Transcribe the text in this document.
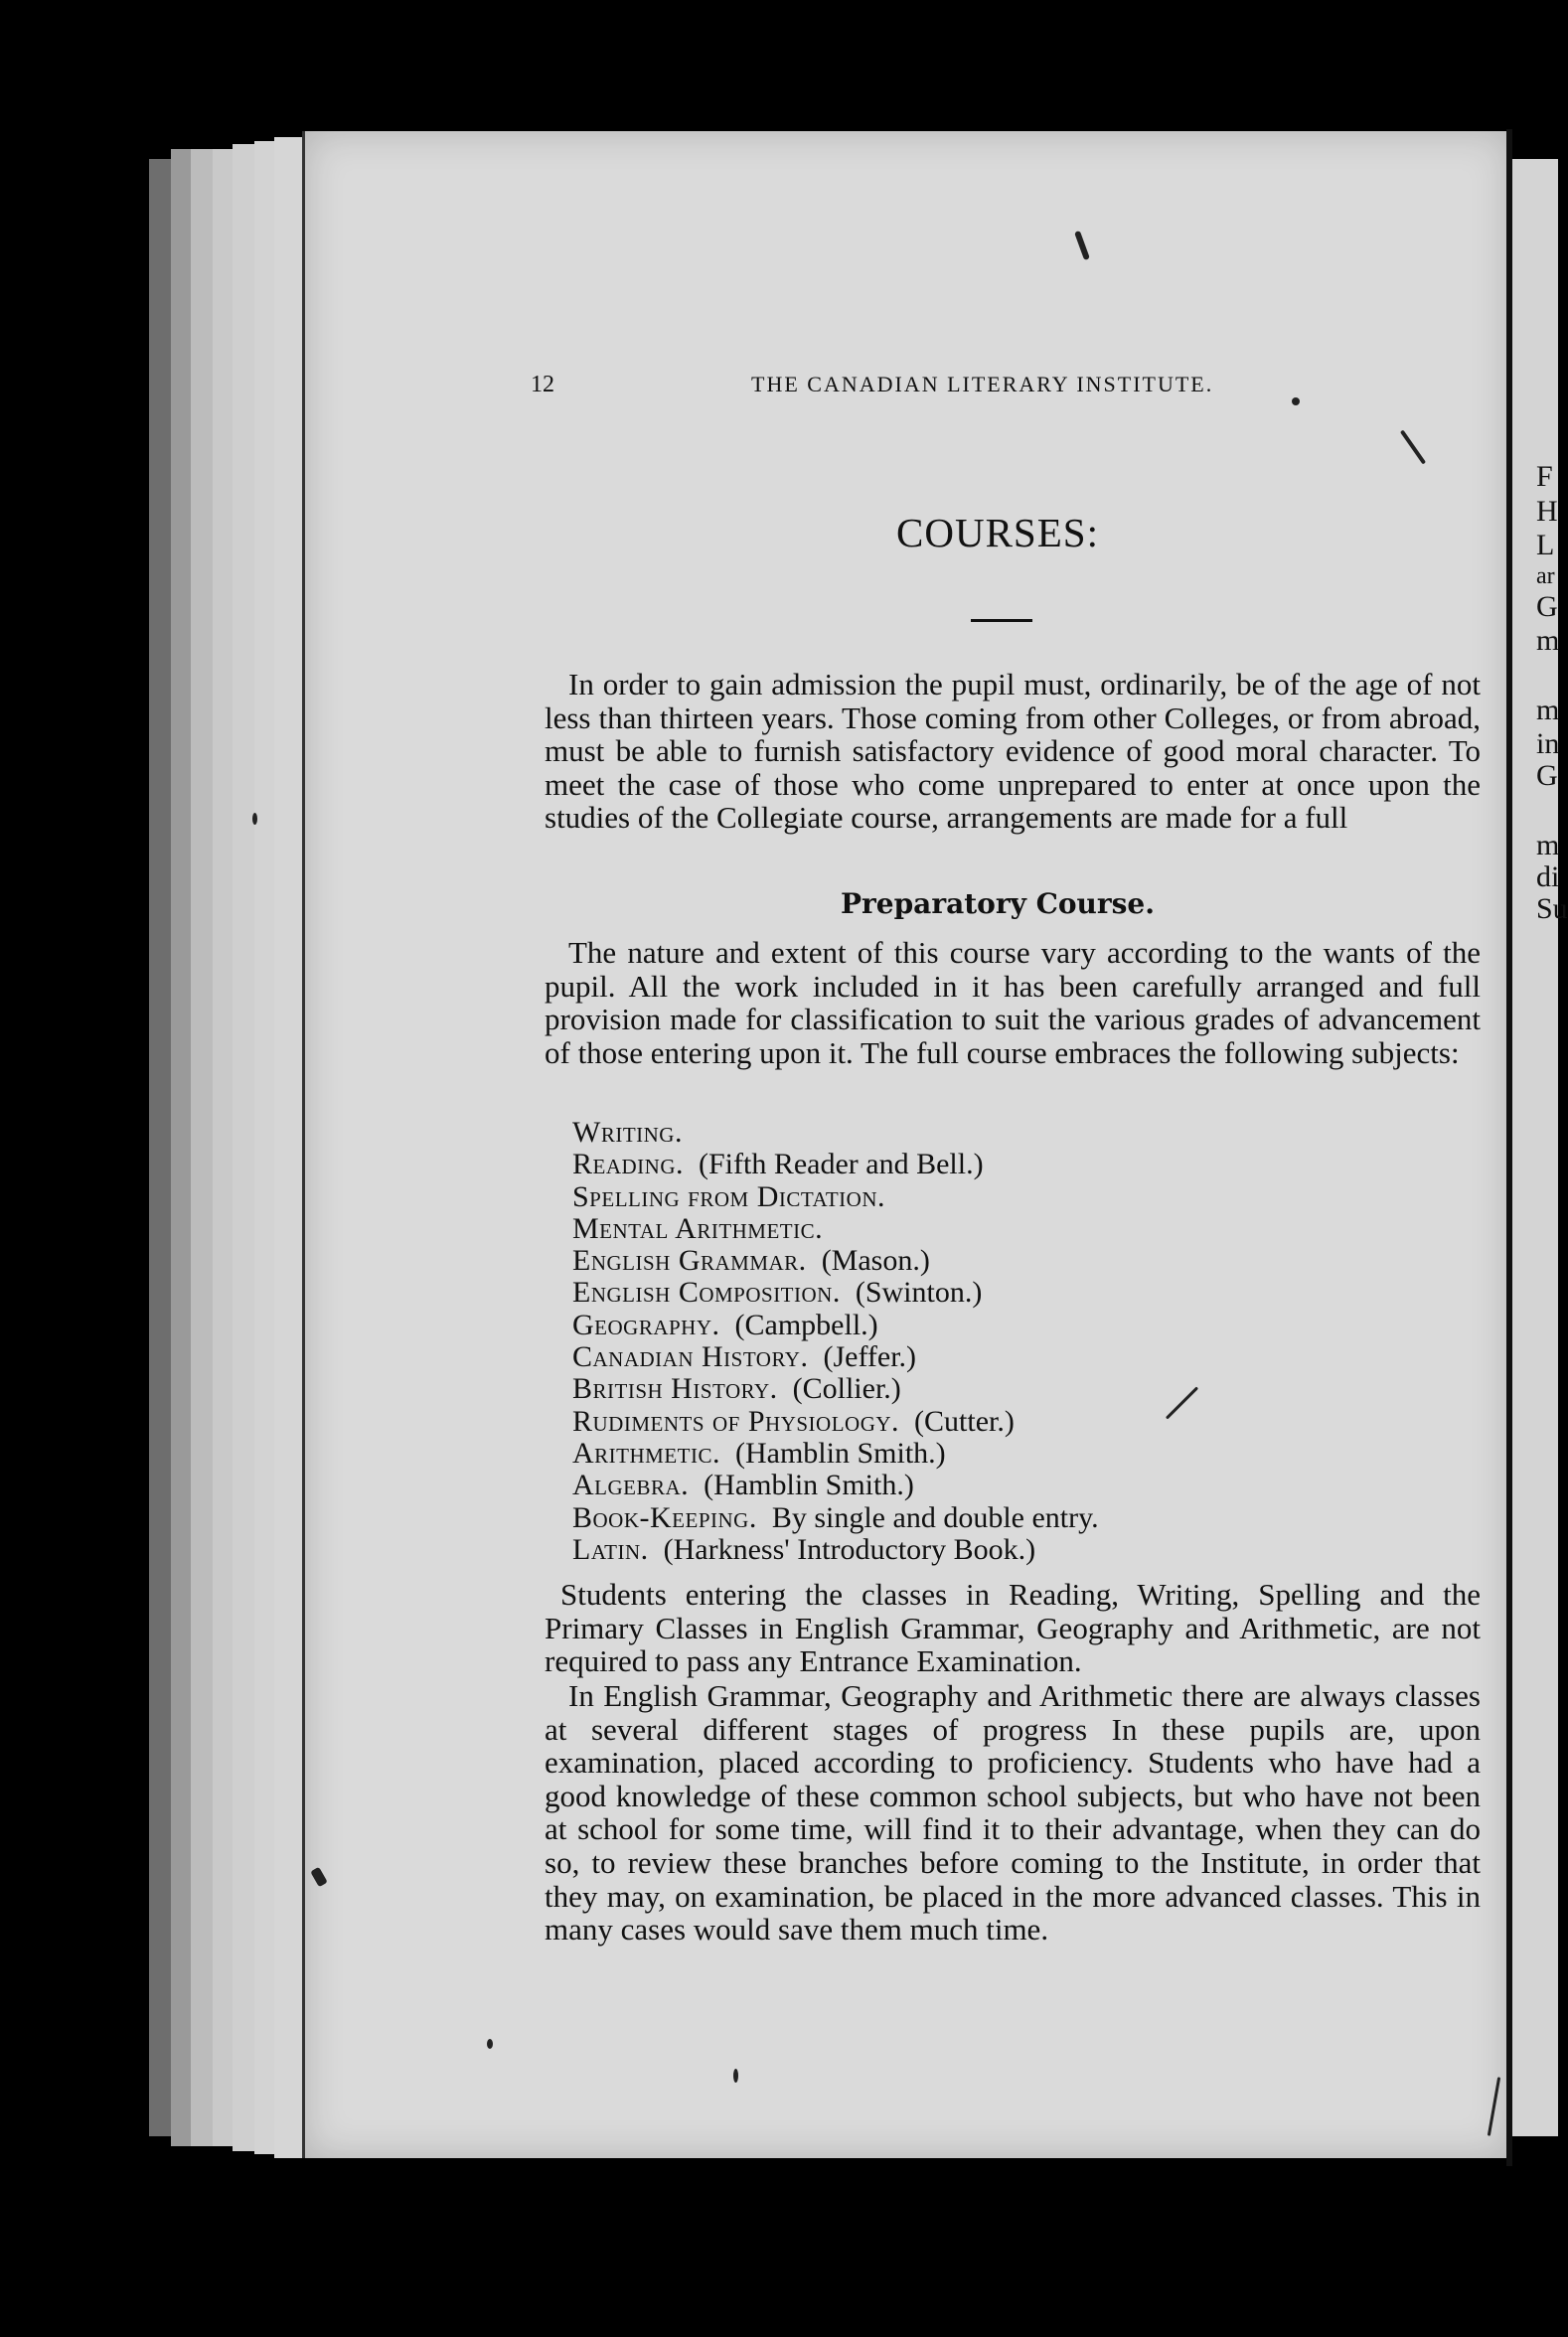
F
H
L
ar
G
m
m
in
G
m
di
Su
12	THE CANADIAN LITERARY INSTITUTE.
COURSES:

In order to gain admission the pupil must, ordinarily, be of the age of not less than thirteen years. Those coming from other Colleges, or from abroad, must be able to furnish satisfactory evidence of good moral character. To meet the case of those who come unprepared to enter at once upon the studies of the Collegiate course, arrangements are made for a full

Preparatory Course.

The nature and extent of this course vary according to the wants of the pupil. All the work included in it has been carefully arranged and full provision made for classification to suit the various grades of advancement of those entering upon it. The full course embraces the following subjects:

Writing.
Reading. (Fifth Reader and Bell.)
Spelling from Dictation.
Mental Arithmetic.
English Grammar. (Mason.)
English Composition. (Swinton.)
Geography. (Campbell.)
Canadian History. (Jeffer.)
British History. (Collier.)
Rudiments of Physiology. (Cutter.)
Arithmetic. (Hamblin Smith.)
Algebra. (Hamblin Smith.)
Book-Keeping. By single and double entry.
Latin. (Harkness' Introductory Book.)

Students entering the classes in Reading, Writing, Spelling and the Primary Classes in English Grammar, Geography and Arithmetic, are not required to pass any Entrance Examination.

In English Grammar, Geography and Arithmetic there are always classes at several different stages of progress In these pupils are, upon examination, placed according to proficiency. Students who have had a good knowledge of these common school subjects, but who have not been at school for some time, will find it to their advantage, when they can do so, to review these branches before coming to the Institute, in order that they may, on examination, be placed in the more advanced classes. This in many cases would save them much time.
